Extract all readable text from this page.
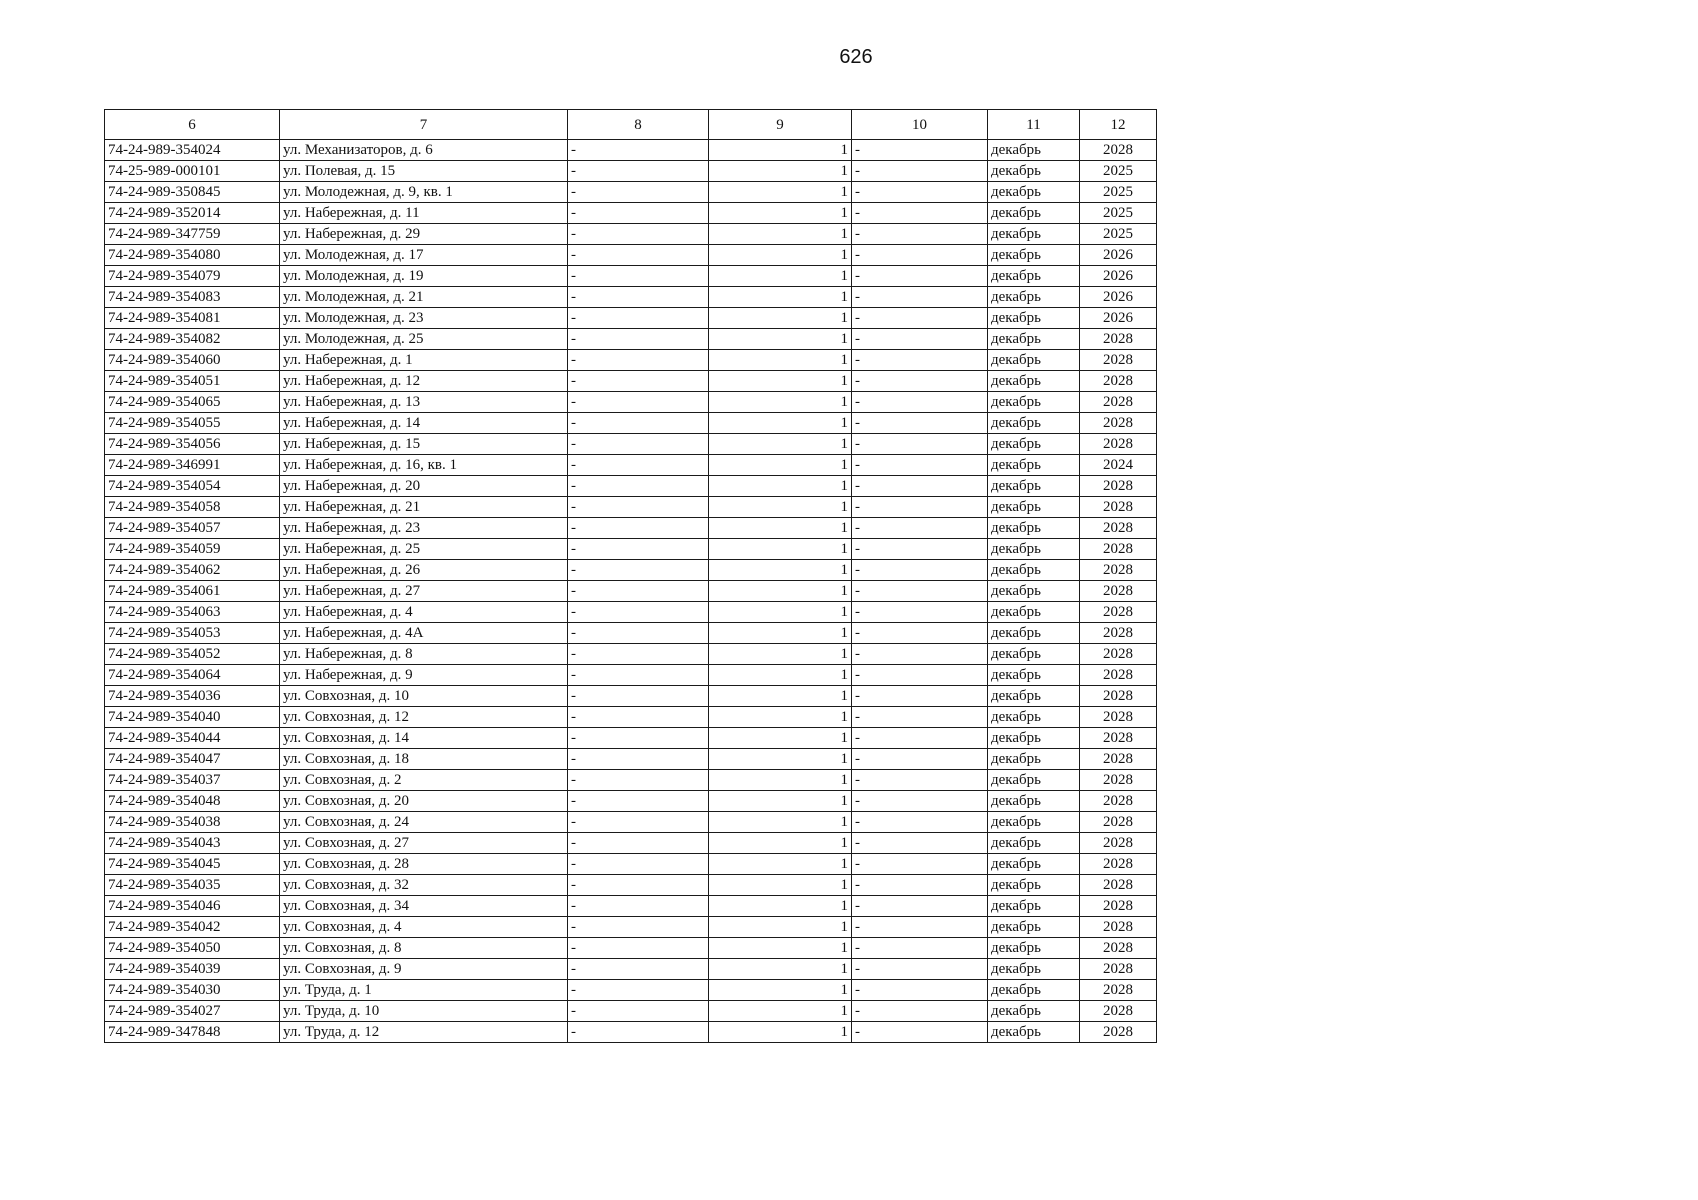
626
6	7	8	9	10	11	12
74-24-989-354024	ул. Механизаторов, д. 6	-	1	-	декабрь	2028
74-25-989-000101	ул. Полевая, д. 15	-	1	-	декабрь	2025
74-24-989-350845	ул. Молодежная, д. 9, кв. 1	-	1	-	декабрь	2025
74-24-989-352014	ул. Набережная, д. 11	-	1	-	декабрь	2025
74-24-989-347759	ул. Набережная, д. 29	-	1	-	декабрь	2025
74-24-989-354080	ул. Молодежная, д. 17	-	1	-	декабрь	2026
74-24-989-354079	ул. Молодежная, д. 19	-	1	-	декабрь	2026
74-24-989-354083	ул. Молодежная, д. 21	-	1	-	декабрь	2026
74-24-989-354081	ул. Молодежная, д. 23	-	1	-	декабрь	2026
74-24-989-354082	ул. Молодежная, д. 25	-	1	-	декабрь	2028
74-24-989-354060	ул. Набережная, д. 1	-	1	-	декабрь	2028
74-24-989-354051	ул. Набережная, д. 12	-	1	-	декабрь	2028
74-24-989-354065	ул. Набережная, д. 13	-	1	-	декабрь	2028
74-24-989-354055	ул. Набережная, д. 14	-	1	-	декабрь	2028
74-24-989-354056	ул. Набережная, д. 15	-	1	-	декабрь	2028
74-24-989-346991	ул. Набережная, д. 16, кв. 1	-	1	-	декабрь	2024
74-24-989-354054	ул. Набережная, д. 20	-	1	-	декабрь	2028
74-24-989-354058	ул. Набережная, д. 21	-	1	-	декабрь	2028
74-24-989-354057	ул. Набережная, д. 23	-	1	-	декабрь	2028
74-24-989-354059	ул. Набережная, д. 25	-	1	-	декабрь	2028
74-24-989-354062	ул. Набережная, д. 26	-	1	-	декабрь	2028
74-24-989-354061	ул. Набережная, д. 27	-	1	-	декабрь	2028
74-24-989-354063	ул. Набережная, д. 4	-	1	-	декабрь	2028
74-24-989-354053	ул. Набережная, д. 4А	-	1	-	декабрь	2028
74-24-989-354052	ул. Набережная, д. 8	-	1	-	декабрь	2028
74-24-989-354064	ул. Набережная, д. 9	-	1	-	декабрь	2028
74-24-989-354036	ул. Совхозная, д. 10	-	1	-	декабрь	2028
74-24-989-354040	ул. Совхозная, д. 12	-	1	-	декабрь	2028
74-24-989-354044	ул. Совхозная, д. 14	-	1	-	декабрь	2028
74-24-989-354047	ул. Совхозная, д. 18	-	1	-	декабрь	2028
74-24-989-354037	ул. Совхозная, д. 2	-	1	-	декабрь	2028
74-24-989-354048	ул. Совхозная, д. 20	-	1	-	декабрь	2028
74-24-989-354038	ул. Совхозная, д. 24	-	1	-	декабрь	2028
74-24-989-354043	ул. Совхозная, д. 27	-	1	-	декабрь	2028
74-24-989-354045	ул. Совхозная, д. 28	-	1	-	декабрь	2028
74-24-989-354035	ул. Совхозная, д. 32	-	1	-	декабрь	2028
74-24-989-354046	ул. Совхозная, д. 34	-	1	-	декабрь	2028
74-24-989-354042	ул. Совхозная, д. 4	-	1	-	декабрь	2028
74-24-989-354050	ул. Совхозная, д. 8	-	1	-	декабрь	2028
74-24-989-354039	ул. Совхозная, д. 9	-	1	-	декабрь	2028
74-24-989-354030	ул. Труда, д. 1	-	1	-	декабрь	2028
74-24-989-354027	ул. Труда, д. 10	-	1	-	декабрь	2028
74-24-989-347848	ул. Труда, д. 12	-	1	-	декабрь	2028
